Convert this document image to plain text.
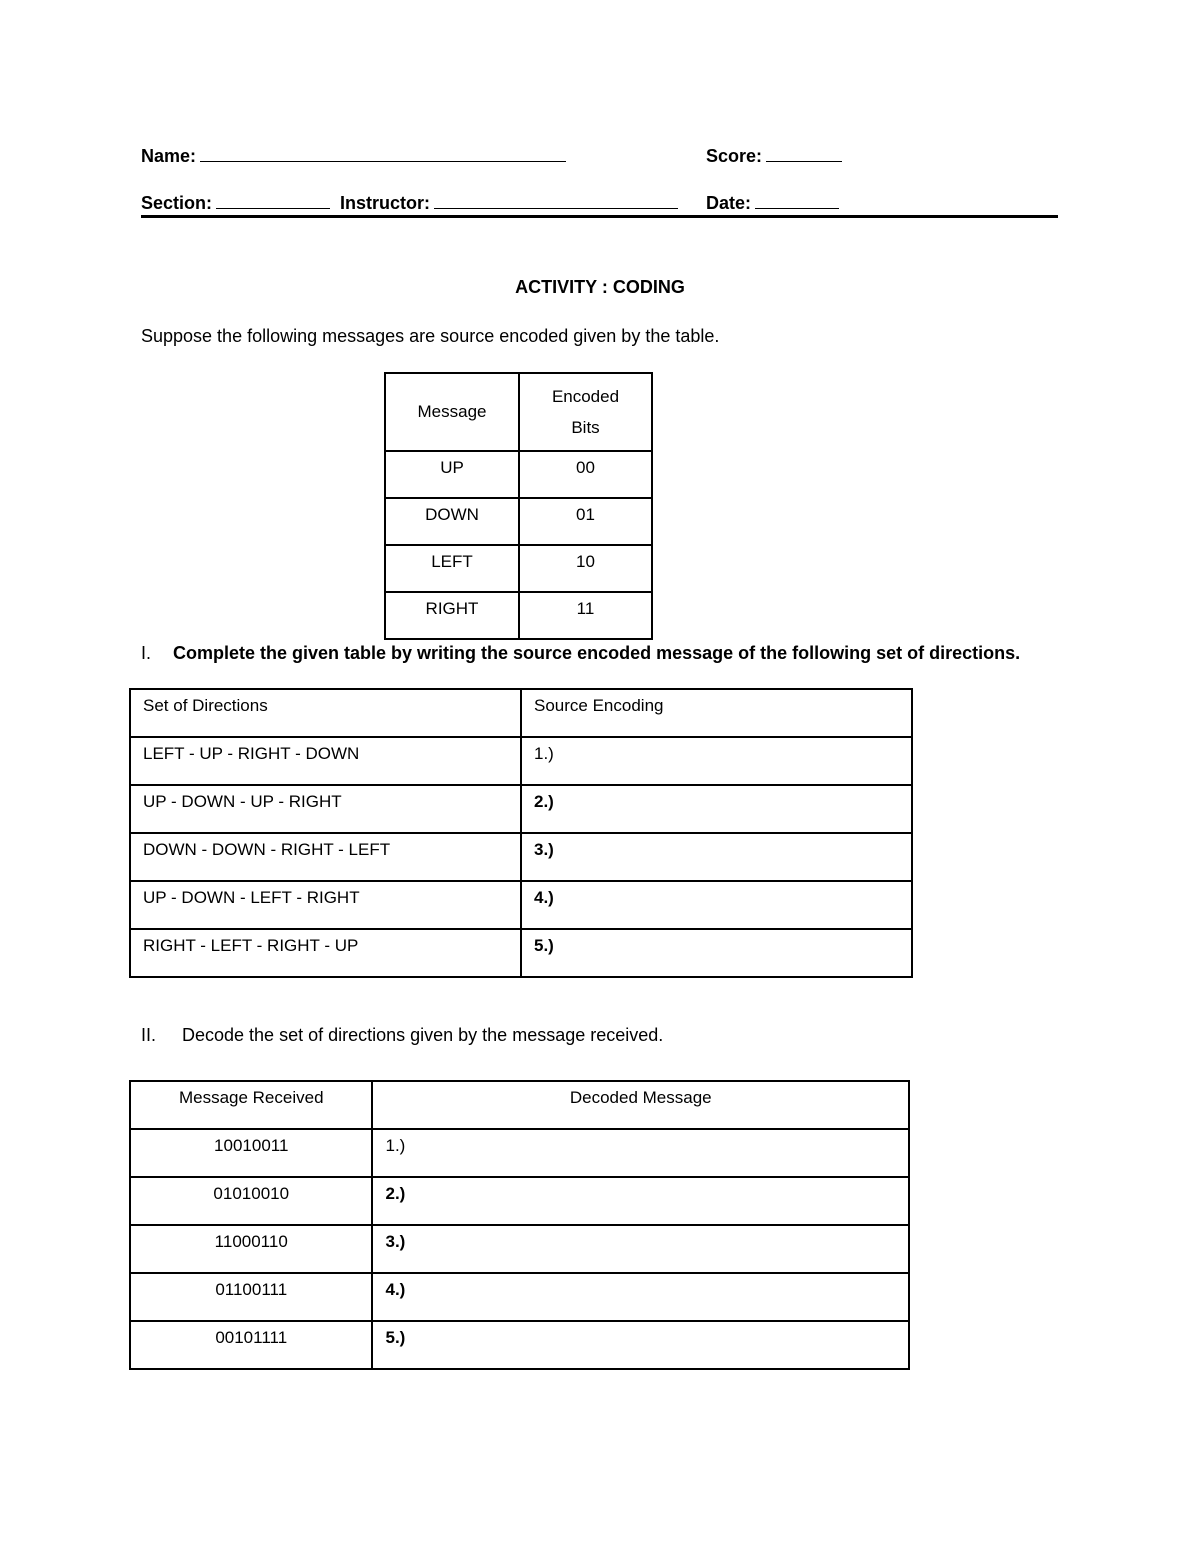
Name:	Score:
Section:	Instructor:	Date:
ACTIVITY : CODING
Suppose the following messages are source encoded given by the table.
Message	Encoded
Bits
UP	00
DOWN	01
LEFT	10
RIGHT	11
I. Complete the given table by writing the source encoded message of the following set of directions.
Set of Directions	Source Encoding
LEFT - UP - RIGHT - DOWN	1.)
UP - DOWN - UP - RIGHT	2.)
DOWN - DOWN - RIGHT - LEFT	3.)
UP - DOWN - LEFT - RIGHT	4.)
RIGHT - LEFT - RIGHT - UP	5.)
II. Decode the set of directions given by the message received.
Message Received	Decoded Message
10010011	1.)
01010010	2.)
11000110	3.)
01100111	4.)
00101111	5.)
